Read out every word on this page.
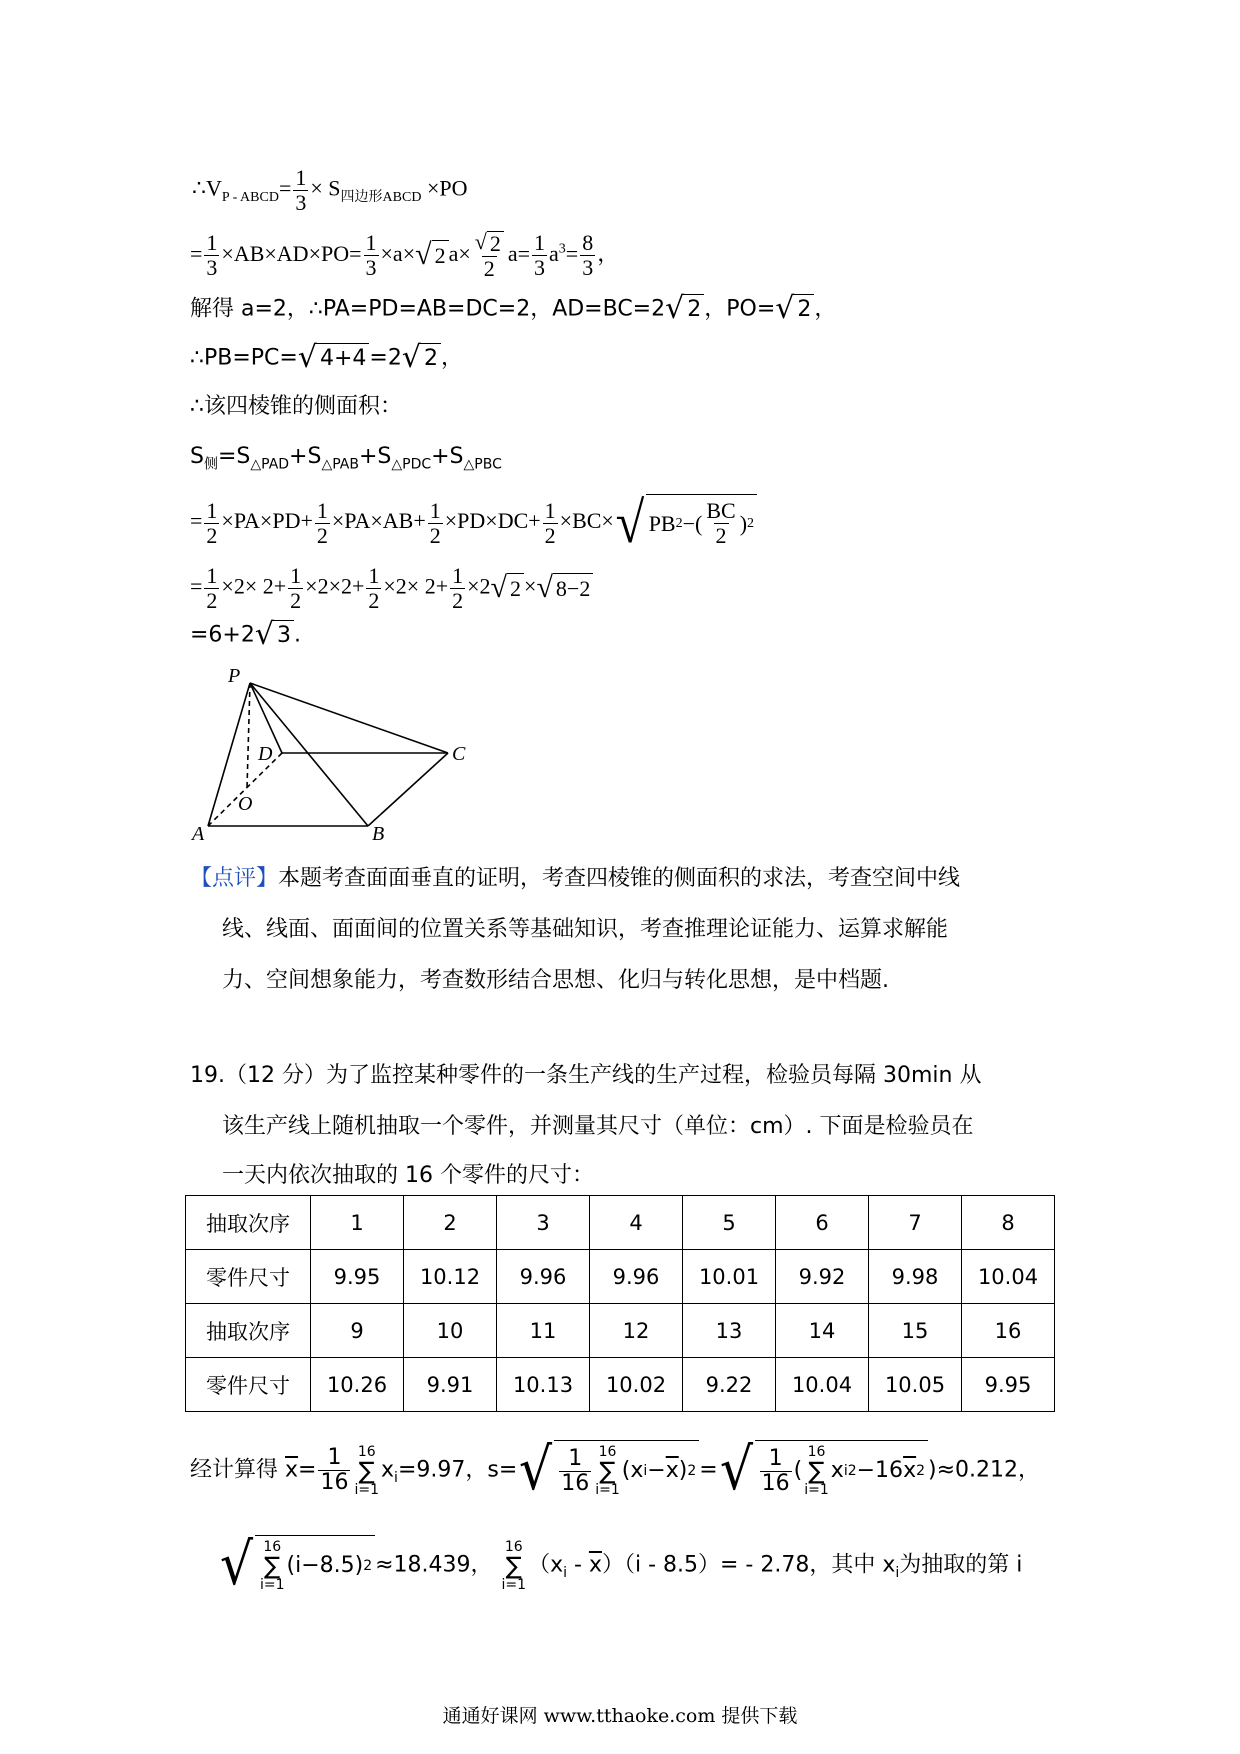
$\therefore V_{P - ABCD}= \frac{1}{3} \times S_{四边形ABCD} \times PO$
= $\frac{1}{3} \times AB\times AD\times PO= \frac{1}{3} \times a\times$ √ 2 $a\times \frac{√ 2}{2} a= \frac{1}{3} a^3= \frac{8}{3}$ ，
解得 a=2，∴PA=PD=AB=DC=2，AD=BC=2 √ 2 ，PO= √ 2 ，
∴PB=PC= √ 4+4 =2 √ 2 ，
∴该四棱锥的侧面积：
$S_侧=S_{\triangle PAD}+S_{\triangle PAB}+S_{\triangle PDC}+S_{\triangle PBC}$
= $\frac{1}{2} \times PA\times PD+ \frac{1}{2} \times PA\times AB+ \frac{1}{2} \times PD\times DC+ \frac{1}{2} \times BC\times$ √ PB 2 −( $\frac{BC}{2}$ ) 2
= $\frac{1}{2} \times 2\times 2+ \frac{1}{2} \times 2\times 2+ \frac{1}{2} \times 2\times 2+ \frac{1}{2} \times 2$ √ 2 × √ 8−2
=6+2 √ 3 .
P
D	C
O
A	B
【点评】本题考查面面垂直的证明，考查四棱锥的侧面积的求法，考查空间中线
线、线面、面面间的位置关系等基础知识，考查推理论证能力、运算求解能
力、空间想象能力，考查数形结合思想、化归与转化思想，是中档题.
19.（12 分）为了监控某种零件的一条生产线的生产过程，检验员每隔 30min 从
该生产线上随机抽取一个零件，并测量其尺寸（单位：cm）. 下面是检验员在
一天内依次抽取的 16 个零件的尺寸：
抽取次序	1	2	3	4	5	6	7	8
零件尺寸	9.95	10.12	9.96	9.96	10.01	9.92	9.98	10.04
抽取次序	9	10	11	12	13	14	15	16
零件尺寸	10.26	9.91	10.13	10.02	9.22	10.04	10.05	9.95
经计算得 $\overline{x}= \frac{1}{16} 16$
∑
i=1
$x_i=9.97$，s= √ $\frac{1}{16} 16$
∑
i=1
(x $i - \overline{x}$ ) 2 = √ $\frac{1}{16}$ (
16
∑
i=1
x i 2 −16 $\overline{x}$ 2 )≈0.212，
√ 16
∑
i=1
(i−8.5) 2 ≈18.439，
16
∑
i=1
$(x_i - \overline{x})(i - 8.5)= - 2.78$，其中 $x_i$为抽取的第 i
通通好课网 www.tthaoke.com 提供下载
